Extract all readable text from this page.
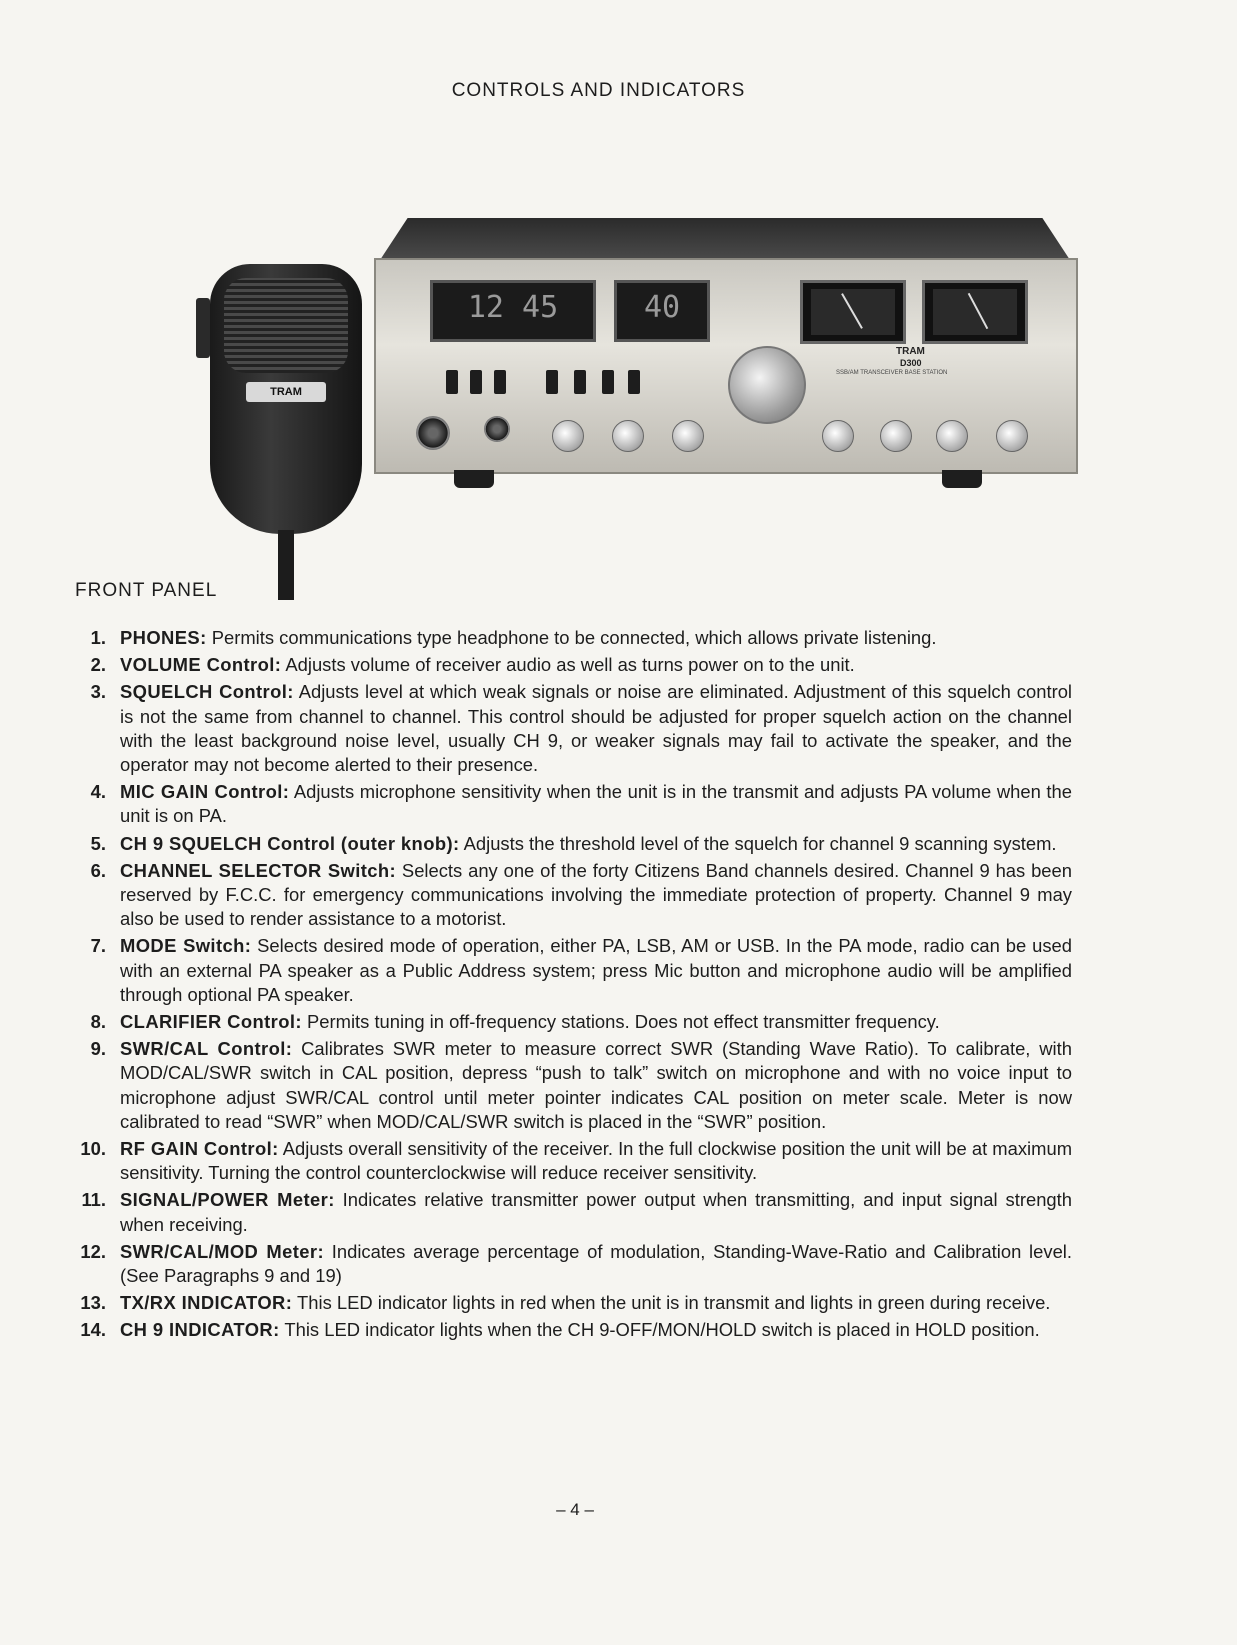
CONTROLS AND INDICATORS
TRAM
12 45	40
TRAM
D300
SSB/AM TRANSCEIVER BASE STATION
FRONT PANEL
1. PHONES: Permits communications type headphone to be connected, which allows private listening.
2. VOLUME Control: Adjusts volume of receiver audio as well as turns power on to the unit.
3. SQUELCH Control: Adjusts level at which weak signals or noise are eliminated. Adjustment of this squelch control is not the same from channel to channel. This control should be adjusted for proper squelch action on the channel with the least background noise level, usually CH 9, or weaker signals may fail to activate the speaker, and the operator may not become alerted to their presence.
4. MIC GAIN Control: Adjusts microphone sensitivity when the unit is in the transmit and adjusts PA volume when the unit is on PA.
5. CH 9 SQUELCH Control (outer knob): Adjusts the threshold level of the squelch for channel 9 scanning system.
6. CHANNEL SELECTOR Switch: Selects any one of the forty Citizens Band channels desired. Channel 9 has been reserved by F.C.C. for emergency communications involving the immediate protection of property. Channel 9 may also be used to render assistance to a motorist.
7. MODE Switch: Selects desired mode of operation, either PA, LSB, AM or USB. In the PA mode, radio can be used with an external PA speaker as a Public Address system; press Mic button and microphone audio will be amplified through optional PA speaker.
8. CLARIFIER Control: Permits tuning in off-frequency stations. Does not effect transmitter frequency.
9. SWR/CAL Control: Calibrates SWR meter to measure correct SWR (Standing Wave Ratio). To calibrate, with MOD/CAL/SWR switch in CAL position, depress “push to talk” switch on microphone and with no voice input to microphone adjust SWR/CAL control until meter pointer indicates CAL position on meter scale. Meter is now calibrated to read “SWR” when MOD/CAL/SWR switch is placed in the “SWR” position.
10. RF GAIN Control: Adjusts overall sensitivity of the receiver. In the full clockwise position the unit will be at maximum sensitivity. Turning the control counterclockwise will reduce receiver sensitivity.
11. SIGNAL/POWER Meter: Indicates relative transmitter power output when transmitting, and input signal strength when receiving.
12. SWR/CAL/MOD Meter: Indicates average percentage of modulation, Standing-Wave-Ratio and Calibration level. (See Paragraphs 9 and 19)
13. TX/RX INDICATOR: This LED indicator lights in red when the unit is in transmit and lights in green during receive.
14. CH 9 INDICATOR: This LED indicator lights when the CH 9-OFF/MON/HOLD switch is placed in HOLD position.
– 4 –
